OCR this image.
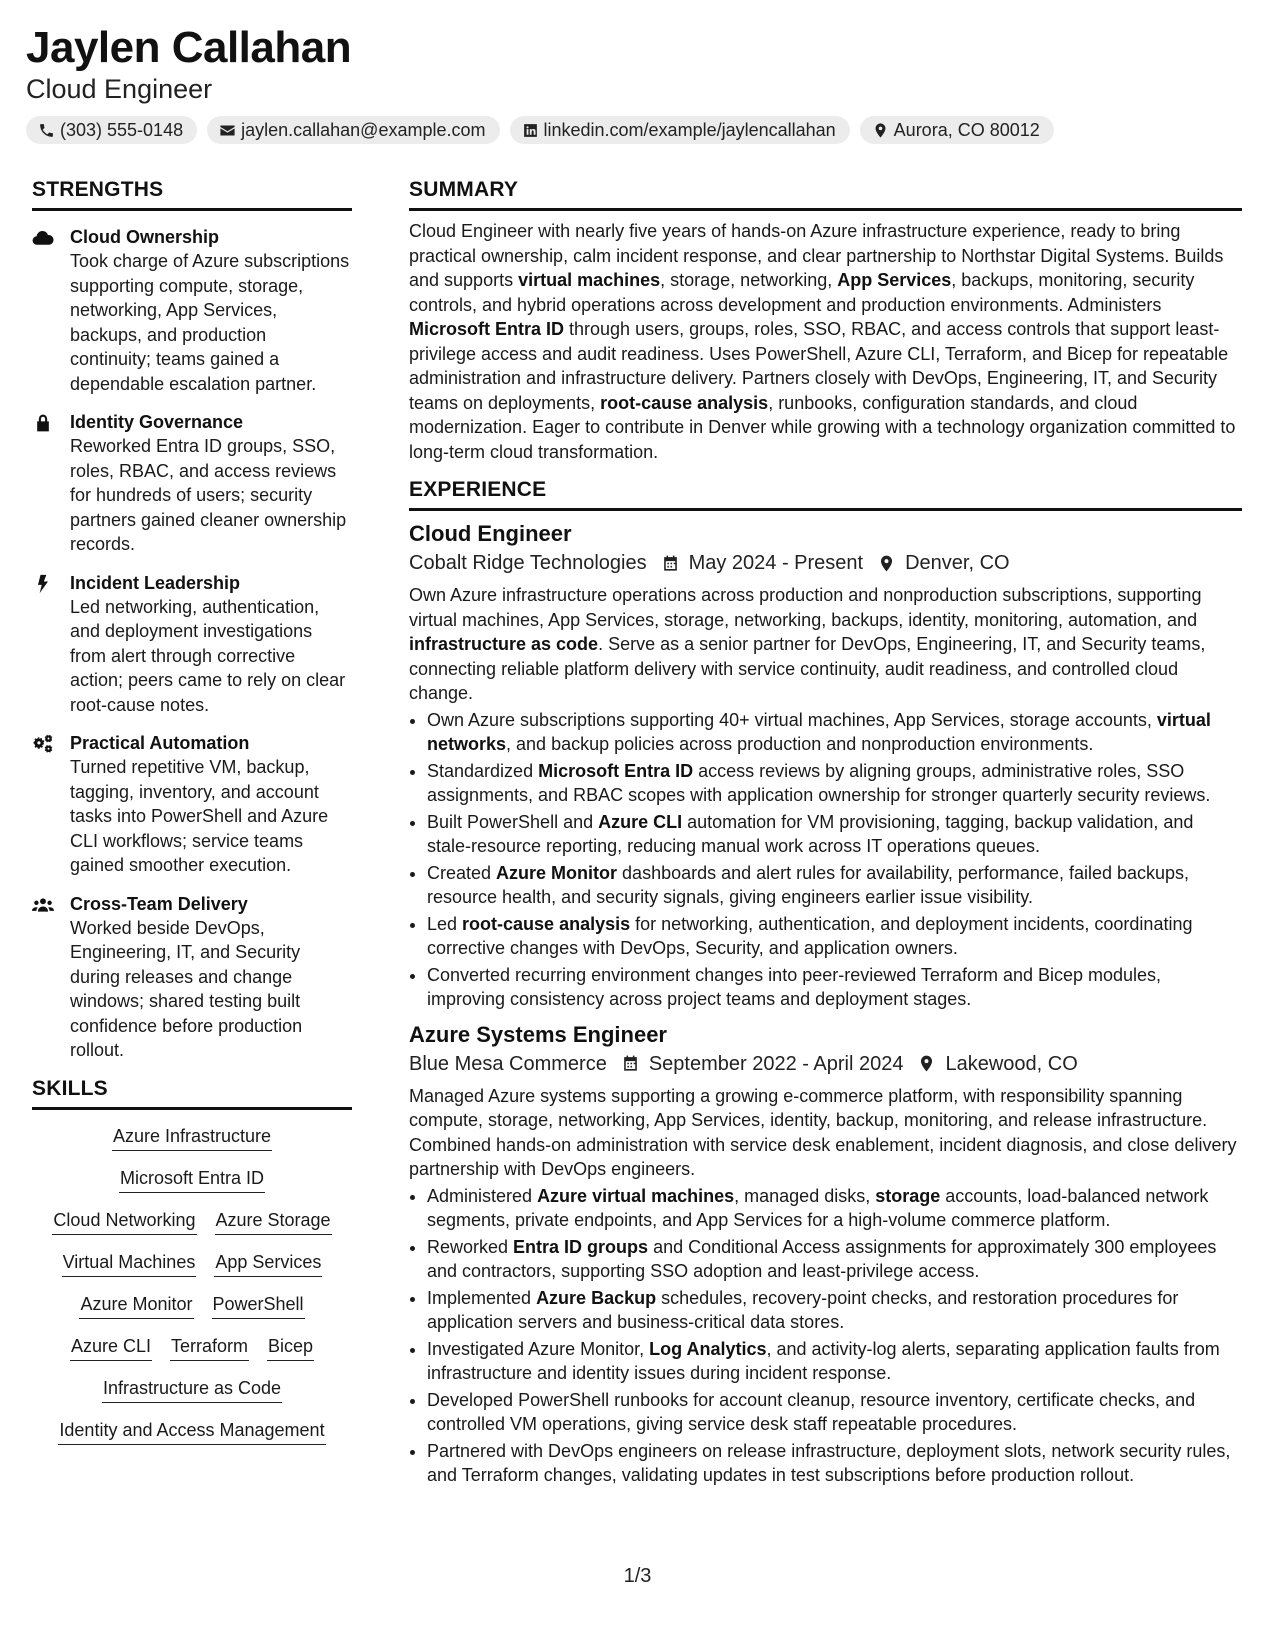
Jaylen Callahan
Cloud Engineer
(303) 555-0148	jaylen.callahan@example.com	linkedin.com/example/jaylencallahan	Aurora, CO 80012
STRENGTHS
Cloud Ownership
Took charge of Azure subscriptions supporting compute, storage, networking, App Services, backups, and production continuity; teams gained a dependable escalation partner.
Identity Governance
Reworked Entra ID groups, SSO, roles, RBAC, and access reviews for hundreds of users; security partners gained cleaner ownership records.
Incident Leadership
Led networking, authentication, and deployment investigations from alert through corrective action; peers came to rely on clear root-cause notes.
Practical Automation
Turned repetitive VM, backup, tagging, inventory, and account tasks into PowerShell and Azure CLI workflows; service teams gained smoother execution.
Cross-Team Delivery
Worked beside DevOps, Engineering, IT, and Security during releases and change windows; shared testing built confidence before production rollout.
SKILLS
Azure Infrastructure
Microsoft Entra ID
Cloud Networking Azure Storage
Virtual Machines App Services
Azure Monitor PowerShell
Azure CLI Terraform Bicep
Infrastructure as Code
Identity and Access Management
SUMMARY
Cloud Engineer with nearly five years of hands-on Azure infrastructure experience, ready to bring practical ownership, calm incident response, and clear partnership to Northstar Digital Systems. Builds and supports virtual machines, storage, networking, App Services, backups, monitoring, security controls, and hybrid operations across development and production environments. Administers Microsoft Entra ID through users, groups, roles, SSO, RBAC, and access controls that support least-privilege access and audit readiness. Uses PowerShell, Azure CLI, Terraform, and Bicep for repeatable administration and infrastructure delivery. Partners closely with DevOps, Engineering, IT, and Security teams on deployments, root-cause analysis, runbooks, configuration standards, and cloud modernization. Eager to contribute in Denver while growing with a technology organization committed to long-term cloud transformation.
EXPERIENCE
Cloud Engineer
Cobalt Ridge Technologies May 2024 - Present Denver, CO
Own Azure infrastructure operations across production and nonproduction subscriptions, supporting virtual machines, App Services, storage, networking, backups, identity, monitoring, automation, and infrastructure as code. Serve as a senior partner for DevOps, Engineering, IT, and Security teams, connecting reliable platform delivery with service continuity, audit readiness, and controlled cloud change.
• Own Azure subscriptions supporting 40+ virtual machines, App Services, storage accounts, virtual networks, and backup policies across production and nonproduction environments.
• Standardized Microsoft Entra ID access reviews by aligning groups, administrative roles, SSO assignments, and RBAC scopes with application ownership for stronger quarterly security reviews.
• Built PowerShell and Azure CLI automation for VM provisioning, tagging, backup validation, and stale-resource reporting, reducing manual work across IT operations queues.
• Created Azure Monitor dashboards and alert rules for availability, performance, failed backups, resource health, and security signals, giving engineers earlier issue visibility.
• Led root-cause analysis for networking, authentication, and deployment incidents, coordinating corrective changes with DevOps, Security, and application owners.
• Converted recurring environment changes into peer-reviewed Terraform and Bicep modules, improving consistency across project teams and deployment stages.
Azure Systems Engineer
Blue Mesa Commerce September 2022 - April 2024 Lakewood, CO
Managed Azure systems supporting a growing e-commerce platform, with responsibility spanning compute, storage, networking, App Services, identity, backup, monitoring, and release infrastructure. Combined hands-on administration with service desk enablement, incident diagnosis, and close delivery partnership with DevOps engineers.
• Administered Azure virtual machines, managed disks, storage accounts, load-balanced network segments, private endpoints, and App Services for a high-volume commerce platform.
• Reworked Entra ID groups and Conditional Access assignments for approximately 300 employees and contractors, supporting SSO adoption and least-privilege access.
• Implemented Azure Backup schedules, recovery-point checks, and restoration procedures for application servers and business-critical data stores.
• Investigated Azure Monitor, Log Analytics, and activity-log alerts, separating application faults from infrastructure and identity issues during incident response.
• Developed PowerShell runbooks for account cleanup, resource inventory, certificate checks, and controlled VM operations, giving service desk staff repeatable procedures.
• Partnered with DevOps engineers on release infrastructure, deployment slots, network security rules, and Terraform changes, validating updates in test subscriptions before production rollout.
1/3
